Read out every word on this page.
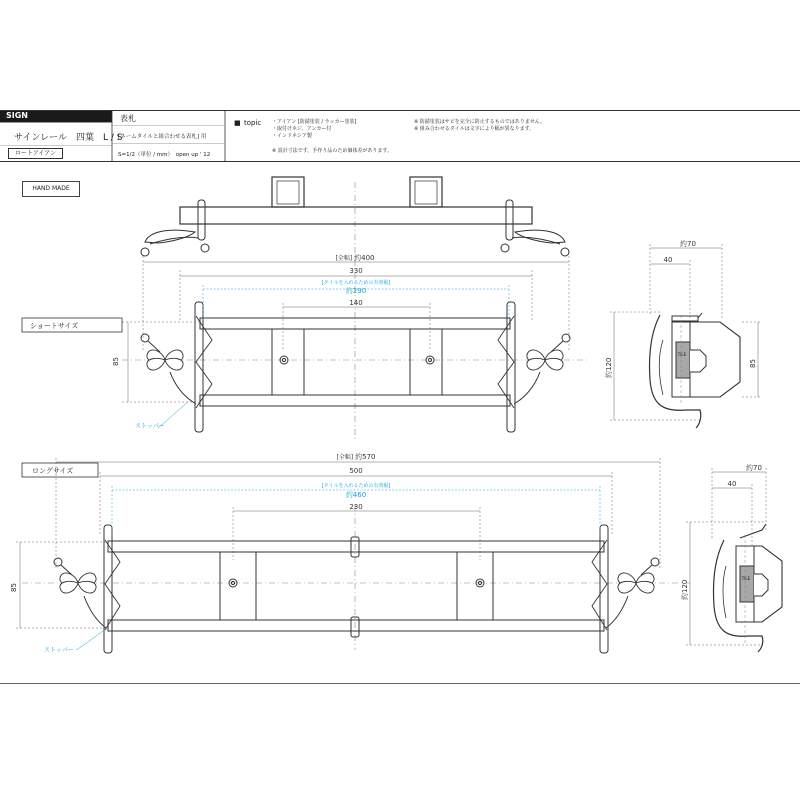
SIGN
サインレール　四葉　L / S
ロートアイアン
表札
[ネームタイルと組合わせる表札] 用
S=1/2（単位 / mm）　open up ' 12
■ topic ・アイアン [防錆塗装 / ラッカー塗装]
・取付けネジ、アンカー付
・インドネシア製
※ 設計寸法です。手作り品のため個体差があります。
※ 防錆塗装はサビを完全に防止するものではありません。
※ 組み合わせるタイルは文字により幅が異なります。
HAND MADE
[全幅] 約400
330
[タイルを入れるための有効幅]
約290
140
85
ストッパー
ショートサイズ
約70
40
約120	85
TILE
ロングサイズ
[全幅] 約570
500
[タイルを入れるための有効幅]
約460
230
85
ストッパー
約70
40
約120
TILE
